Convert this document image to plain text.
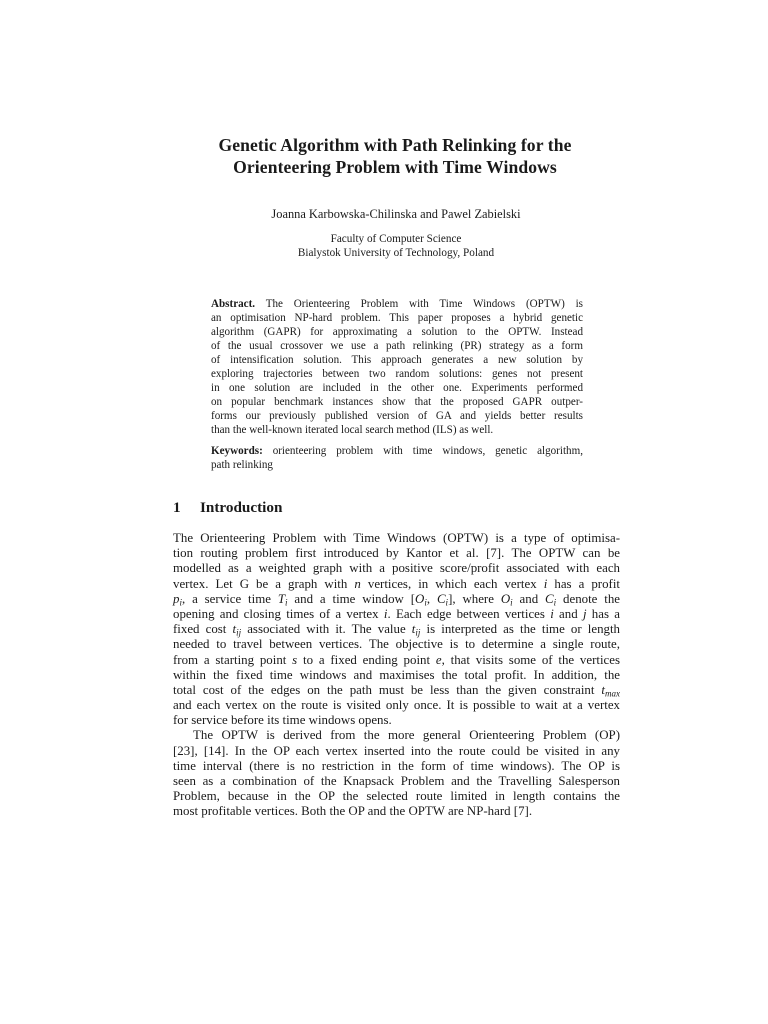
Genetic Algorithm with Path Relinking for the
Orienteering Problem with Time Windows
Joanna Karbowska-Chilinska and Pawel Zabielski
Faculty of Computer Science
Bialystok University of Technology, Poland
Abstract. The Orienteering Problem with Time Windows (OPTW) is
an optimisation NP-hard problem. This paper proposes a hybrid genetic
algorithm (GAPR) for approximating a solution to the OPTW. Instead
of the usual crossover we use a path relinking (PR) strategy as a form
of intensification solution. This approach generates a new solution by
exploring trajectories between two random solutions: genes not present
in one solution are included in the other one. Experiments performed
on popular benchmark instances show that the proposed GAPR outper-
forms our previously published version of GA and yields better results
than the well-known iterated local search method (ILS) as well.
Keywords: orienteering problem with time windows, genetic algorithm,
path relinking
1 Introduction
The Orienteering Problem with Time Windows (OPTW) is a type of optimisa-
tion routing problem first introduced by Kantor et al. [7]. The OPTW can be
modelled as a weighted graph with a positive score/profit associated with each
vertex. Let G be a graph with n vertices, in which each vertex i has a profit
$p_i$, a service time $T_i$ and a time window [$O_i$, $C_i$], where $O_i$ and $C_i$ denote the
opening and closing times of a vertex i. Each edge between vertices i and j has a
fixed cost $t_{ij}$ associated with it. The value $t_{ij}$ is interpreted as the time or length
needed to travel between vertices. The objective is to determine a single route,
from a starting point s to a fixed ending point e, that visits some of the vertices
within the fixed time windows and maximises the total profit. In addition, the
total cost of the edges on the path must be less than the given constraint $t_{max}$
and each vertex on the route is visited only once. It is possible to wait at a vertex
for service before its time windows opens.
The OPTW is derived from the more general Orienteering Problem (OP)
[23], [14]. In the OP each vertex inserted into the route could be visited in any
time interval (there is no restriction in the form of time windows). The OP is
seen as a combination of the Knapsack Problem and the Travelling Salesperson
Problem, because in the OP the selected route limited in length contains the
most profitable vertices. Both the OP and the OPTW are NP-hard [7].
